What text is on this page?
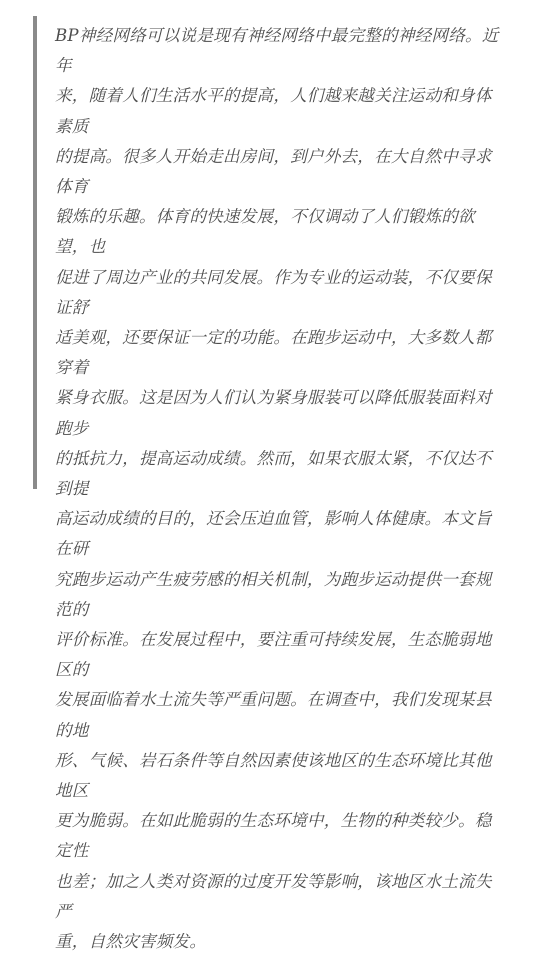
BP神经网络可以说是现有神经网络中最完整的神经网络。近年
来，随着人们生活水平的提高，人们越来越关注运动和身体素质
的提高。很多人开始走出房间，到户外去，在大自然中寻求体育
锻炼的乐趣。体育的快速发展，不仅调动了人们锻炼的欲望，也
促进了周边产业的共同发展。作为专业的运动装，不仅要保证舒
适美观，还要保证一定的功能。在跑步运动中，大多数人都穿着
紧身衣服。这是因为人们认为紧身服装可以降低服装面料对跑步
的抵抗力，提高运动成绩。然而，如果衣服太紧，不仅达不到提
高运动成绩的目的，还会压迫血管，影响人体健康。本文旨在研
究跑步运动产生疲劳感的相关机制，为跑步运动提供一套规范的
评价标准。在发展过程中，要注重可持续发展，生态脆弱地区的
发展面临着水土流失等严重问题。在调查中，我们发现某县的地
形、气候、岩石条件等自然因素使该地区的生态环境比其他地区
更为脆弱。在如此脆弱的生态环境中，生物的种类较少。稳定性
也差；加之人类对资源的过度开发等影响，该地区水土流失严
重，自然灾害频发。
